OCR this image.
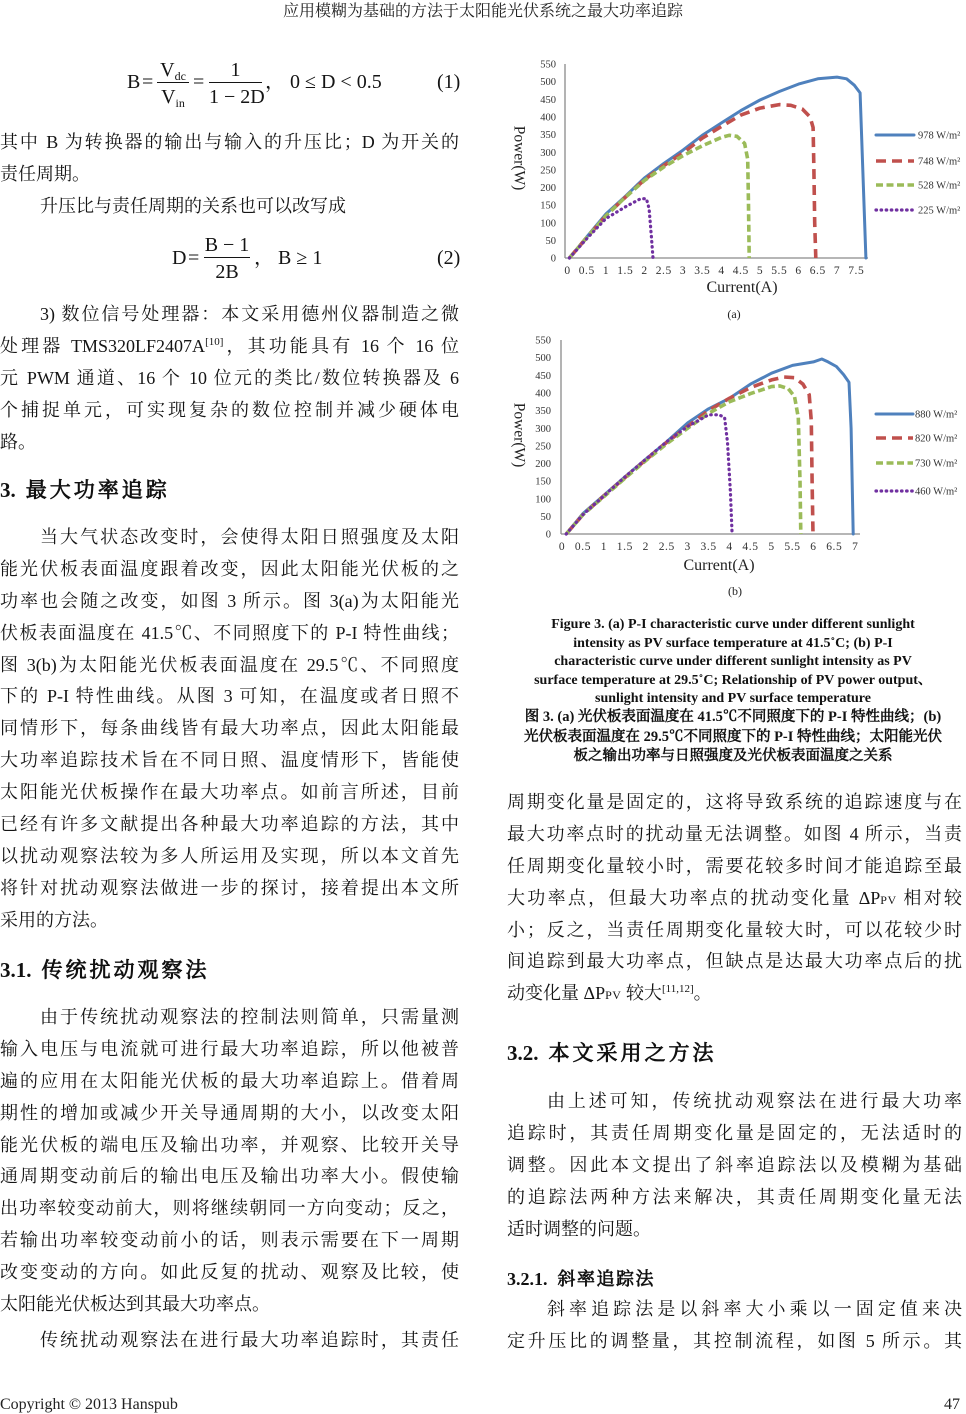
应用模糊为基础的方法于太阳能光伏系统之最大功率追踪
B =
$V_{dc}$
$V_{in}$
=
1
1 − 2D
， 0 ≤ D < 0.5	(1)
其中 B 为转换器的输出与输入的升压比；D 为开关的
责任周期。
升压比与责任周期的关系也可以改写成
D =
B − 1
2B
， B ≥ 1	(2)
3) 数位信号处理器：本文采用德州仪器制造之微
处理器 TMS320LF2407A[10]，其功能具有 16 个 16 位
元 PWM 通道、16 个 10 位元的类比/数位转换器及 6
个捕捉单元，可实现复杂的数位控制并减少硬体电
路。
3. 最大功率追踪
当大气状态改变时，会使得太阳日照强度及太阳
能光伏板表面温度跟着改变，因此太阳能光伏板的之
功率也会随之改变，如图 3 所示。图 3(a)为太阳能光
伏板表面温度在 41.5℃、不同照度下的 P-I 特性曲线；
图 3(b)为太阳能光伏板表面温度在 29.5℃、不同照度
下的 P-I 特性曲线。从图 3 可知，在温度或者日照不
同情形下，每条曲线皆有最大功率点，因此太阳能最
大功率追踪技术旨在不同日照、温度情形下，皆能使
太阳能光伏板操作在最大功率点。如前言所述，目前
已经有许多文献提出各种最大功率追踪的方法，其中
以扰动观察法较为多人所运用及实现，所以本文首先
将针对扰动观察法做进一步的探讨，接着提出本文所
采用的方法。
3.1. 传统扰动观察法
由于传统扰动观察法的控制法则简单，只需量测
输入电压与电流就可进行最大功率追踪，所以他被普
遍的应用在太阳能光伏板的最大功率追踪上。借着周
期性的增加或减少开关导通周期的大小，以改变太阳
能光伏板的端电压及输出功率，并观察、比较开关导
通周期变动前后的输出电压及输出功率大小。假使输
出功率较变动前大，则将继续朝同一方向变动；反之，
若输出功率较变动前小的话，则表示需要在下一周期
改变变动的方向。如此反复的扰动、观察及比较，使
太阳能光伏板达到其最大功率点。
传统扰动观察法在进行最大功率追踪时，其责任
0
50
100
150
200
250
300
350
400
450
500
550
0 0.5 1 1.5 2 2.5 3 3.5 4 4.5 5 5.5 6 6.5 7 7.5
978 W/m²
748 W/m²
528 W/m²
225 W/m²
Current(A)
Power(W)
(a)
0
50
100
150
200
250
300
350
400
450
500
550
0 0.5 1 1.5 2 2.5 3 3.5 4 4.5 5 5.5 6 6.5 7
880 W/m²
820 W/m²
730 W/m²
460 W/m²
Current(A)
Power(W)
(b)
Figure 3. (a) P-I characteristic curve under different sunlight
intensity as PV surface temperature at 41.5˚C; (b) P-I
characteristic curve under different sunlight intensity as PV
surface temperature at 29.5˚C; Relationship of PV power output、
sunlight intensity and PV surface temperature
图 3. (a) 光伏板表面温度在 41.5℃不同照度下的 P-I 特性曲线；(b)
光伏板表面温度在 29.5℃不同照度下的 P-I 特性曲线；太阳能光伏
板之输出功率与日照强度及光伏板表面温度之关系
周期变化量是固定的，这将导致系统的追踪速度与在
最大功率点时的扰动量无法调整。如图 4 所示，当责
任周期变化量较小时，需要花较多时间才能追踪至最
大功率点，但最大功率点的扰动变化量 ΔPPV 相对较
小；反之，当责任周期变化量较大时，可以花较少时
间追踪到最大功率点，但缺点是达最大功率点后的扰
动变化量 ΔPPV 较大[11,12]。
3.2. 本文采用之方法
由上述可知，传统扰动观察法在进行最大功率
追踪时，其责任周期变化量是固定的，无法适时的
调整。因此本文提出了斜率追踪法以及模糊为基础
的追踪法两种方法来解决，其责任周期变化量无法
适时调整的问题。
3.2.1. 斜率追踪法
斜率追踪法是以斜率大小乘以一固定值来决
定升压比的调整量，其控制流程，如图 5 所示。其
Copyright © 2013 Hanspub	47
